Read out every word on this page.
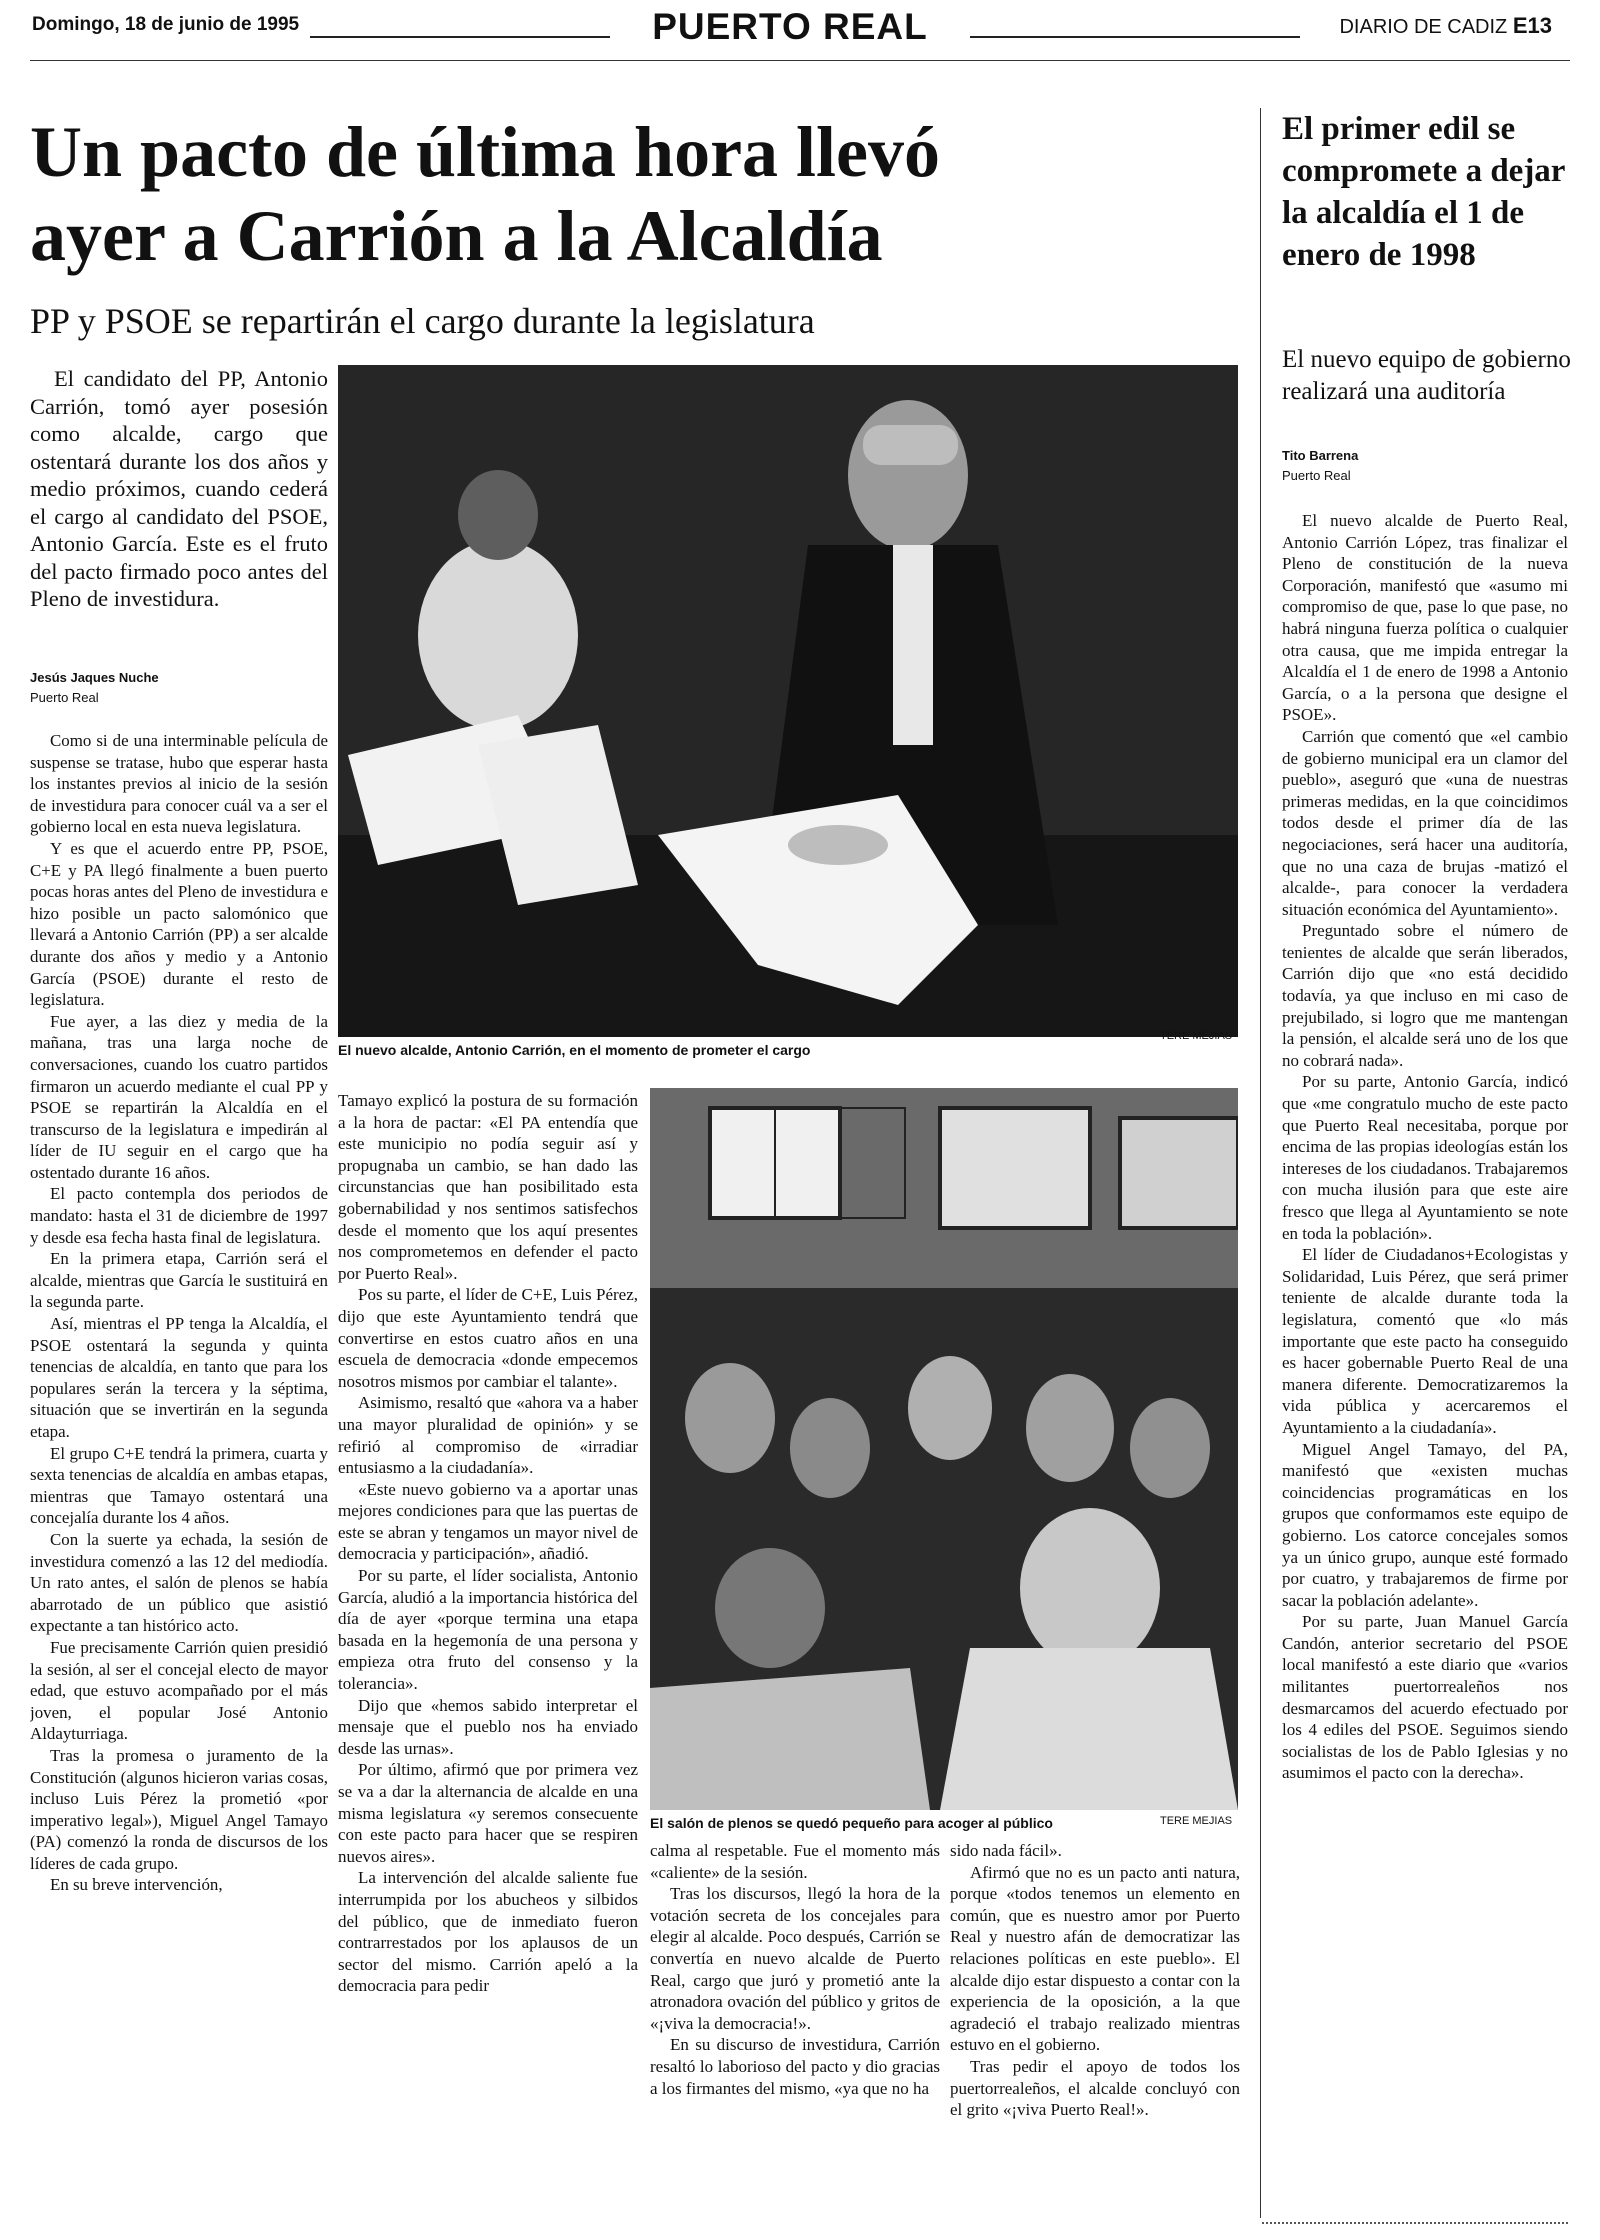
Domingo, 18 de junio de 1995	PUERTO REAL	DIARIO DE CADIZ E13
Un pacto de última hora llevó
ayer a Carrión a la Alcaldía
PP y PSOE se repartirán el cargo durante la legislatura
El candidato del PP, Antonio Carrión, tomó ayer posesión como alcalde, cargo que ostentará durante los dos años y medio próximos, cuando cederá el cargo al candidato del PSOE, Antonio García. Este es el fruto del pacto firmado poco antes del Pleno de investidura.
Jesús Jaques Nuche
Puerto Real
El nuevo alcalde, Antonio Carrión, en el momento de prometer el cargo
TERE MEJIAS
El salón de plenos se quedó pequeño para acoger al público	TERE MEJIAS

Como si de una interminable película de suspense se tratase, hubo que esperar hasta los instantes previos al inicio de la sesión de investidura para conocer cuál va a ser el gobierno local en esta nueva legislatura.

Y es que el acuerdo entre PP, PSOE, C+E y PA llegó finalmente a buen puerto pocas horas antes del Pleno de investidura e hizo posible un pacto salomónico que llevará a Antonio Carrión (PP) a ser alcalde durante dos años y medio y a Antonio García (PSOE) durante el resto de legislatura.

Fue ayer, a las diez y media de la mañana, tras una larga noche de conversaciones, cuando los cuatro partidos firmaron un acuerdo mediante el cual PP y PSOE se repartirán la Alcaldía en el transcurso de la legislatura e impedirán al líder de IU seguir en el cargo que ha ostentado durante 16 años.

El pacto contempla dos periodos de mandato: hasta el 31 de diciembre de 1997 y desde esa fecha hasta final de legislatura.

En la primera etapa, Carrión será el alcalde, mientras que García le sustituirá en la segunda parte.

Así, mientras el PP tenga la Alcaldía, el PSOE ostentará la segunda y quinta tenencias de alcaldía, en tanto que para los populares serán la tercera y la séptima, situación que se invertirán en la segunda etapa.

El grupo C+E tendrá la primera, cuarta y sexta tenencias de alcaldía en ambas etapas, mientras que Tamayo ostentará una concejalía durante los 4 años.

Con la suerte ya echada, la sesión de investidura comenzó a las 12 del mediodía. Un rato antes, el salón de plenos se había abarrotado de un público que asistió expectante a tan histórico acto.

Fue precisamente Carrión quien presidió la sesión, al ser el concejal electo de mayor edad, que estuvo acompañado por el más joven, el popular José Antonio Aldayturriaga.

Tras la promesa o juramento de la Constitución (algunos hicieron varias cosas, incluso Luis Pérez la prometió «por imperativo legal»), Miguel Angel Tamayo (PA) comenzó la ronda de discursos de los líderes de cada grupo.

En su breve intervención,

Tamayo explicó la postura de su formación a la hora de pactar: «El PA entendía que este municipio no podía seguir así y propugnaba un cambio, se han dado las circunstancias que han posibilitado esta gobernabilidad y nos sentimos satisfechos desde el momento que los aquí presentes nos comprometemos en defender el pacto por Puerto Real».

Pos su parte, el líder de C+E, Luis Pérez, dijo que este Ayuntamiento tendrá que convertirse en estos cuatro años en una escuela de democracia «donde empecemos nosotros mismos por cambiar el talante».

Asimismo, resaltó que «ahora va a haber una mayor pluralidad de opinión» y se refirió al compromiso de «irradiar entusiasmo a la ciudadanía».

«Este nuevo gobierno va a aportar unas mejores condiciones para que las puertas de este se abran y tengamos un mayor nivel de democracia y participación», añadió.

Por su parte, el líder socialista, Antonio García, aludió a la importancia histórica del día de ayer «porque termina una etapa basada en la hegemonía de una persona y empieza otra fruto del consenso y la tolerancia».

Dijo que «hemos sabido interpretar el mensaje que el pueblo nos ha enviado desde las urnas».

Por último, afirmó que por primera vez se va a dar la alternancia de alcalde en una misma legislatura «y seremos consecuente con este pacto para hacer que se respiren nuevos aires».

La intervención del alcalde saliente fue interrumpida por los abucheos y silbidos del público, que de inmediato fueron contrarrestados por los aplausos de un sector del mismo. Carrión apeló a la democracia para pedir

calma al respetable. Fue el momento más «caliente» de la sesión.

Tras los discursos, llegó la hora de la votación secreta de los concejales para elegir al alcalde. Poco después, Carrión se convertía en nuevo alcalde de Puerto Real, cargo que juró y prometió ante la atronadora ovación del público y gritos de «¡viva la democracia!».

En su discurso de investidura, Carrión resaltó lo laborioso del pacto y dio gracias a los firmantes del mismo, «ya que no ha

sido nada fácil».

Afirmó que no es un pacto anti natura, porque «todos tenemos un elemento en común, que es nuestro amor por Puerto Real y nuestro afán de democratizar las relaciones políticas en este pueblo». El alcalde dijo estar dispuesto a contar con la experiencia de la oposición, a la que agradeció el trabajo realizado mientras estuvo en el gobierno.

Tras pedir el apoyo de todos los puertorrealeños, el alcalde concluyó con el grito «¡viva Puerto Real!».

El primer edil se compromete a dejar la alcaldía el 1 de enero de 1998
El nuevo equipo de gobierno realizará una auditoría
Tito Barrena
Puerto Real

El nuevo alcalde de Puerto Real, Antonio Carrión López, tras finalizar el Pleno de constitución de la nueva Corporación, manifestó que «asumo mi compromiso de que, pase lo que pase, no habrá ninguna fuerza política o cualquier otra causa, que me impida entregar la Alcaldía el 1 de enero de 1998 a Antonio García, o a la persona que designe el PSOE».

Carrión que comentó que «el cambio de gobierno municipal era un clamor del pueblo», aseguró que «una de nuestras primeras medidas, en la que coincidimos todos desde el primer día de las negociaciones, será hacer una auditoría, que no una caza de brujas -matizó el alcalde-, para conocer la verdadera situación económica del Ayuntamiento».

Preguntado sobre el número de tenientes de alcalde que serán liberados, Carrión dijo que «no está decidido todavía, ya que incluso en mi caso de prejubilado, si logro que me mantengan la pensión, el alcalde será uno de los que no cobrará nada».

Por su parte, Antonio García, indicó que «me congratulo mucho de este pacto que Puerto Real necesitaba, porque por encima de las propias ideologías están los intereses de los ciudadanos. Trabajaremos con mucha ilusión para que este aire fresco que llega al Ayuntamiento se note en toda la población».

El líder de Ciudadanos+Ecologistas y Solidaridad, Luis Pérez, que será primer teniente de alcalde durante toda la legislatura, comentó que «lo más importante que este pacto ha conseguido es hacer gobernable Puerto Real de una manera diferente. Democratizaremos la vida pública y acercaremos el Ayuntamiento a la ciudadanía».

Miguel Angel Tamayo, del PA, manifestó que «existen muchas coincidencias programáticas en los grupos que conformamos este equipo de gobierno. Los catorce concejales somos ya un único grupo, aunque esté formado por cuatro, y trabajaremos de firme por sacar la población adelante».

Por su parte, Juan Manuel García Candón, anterior secretario del PSOE local manifestó a este diario que «varios militantes puertorrealeños nos desmarcamos del acuerdo efectuado por los 4 ediles del PSOE. Seguimos siendo socialistas de los de Pablo Iglesias y no asumimos el pacto con la derecha».
